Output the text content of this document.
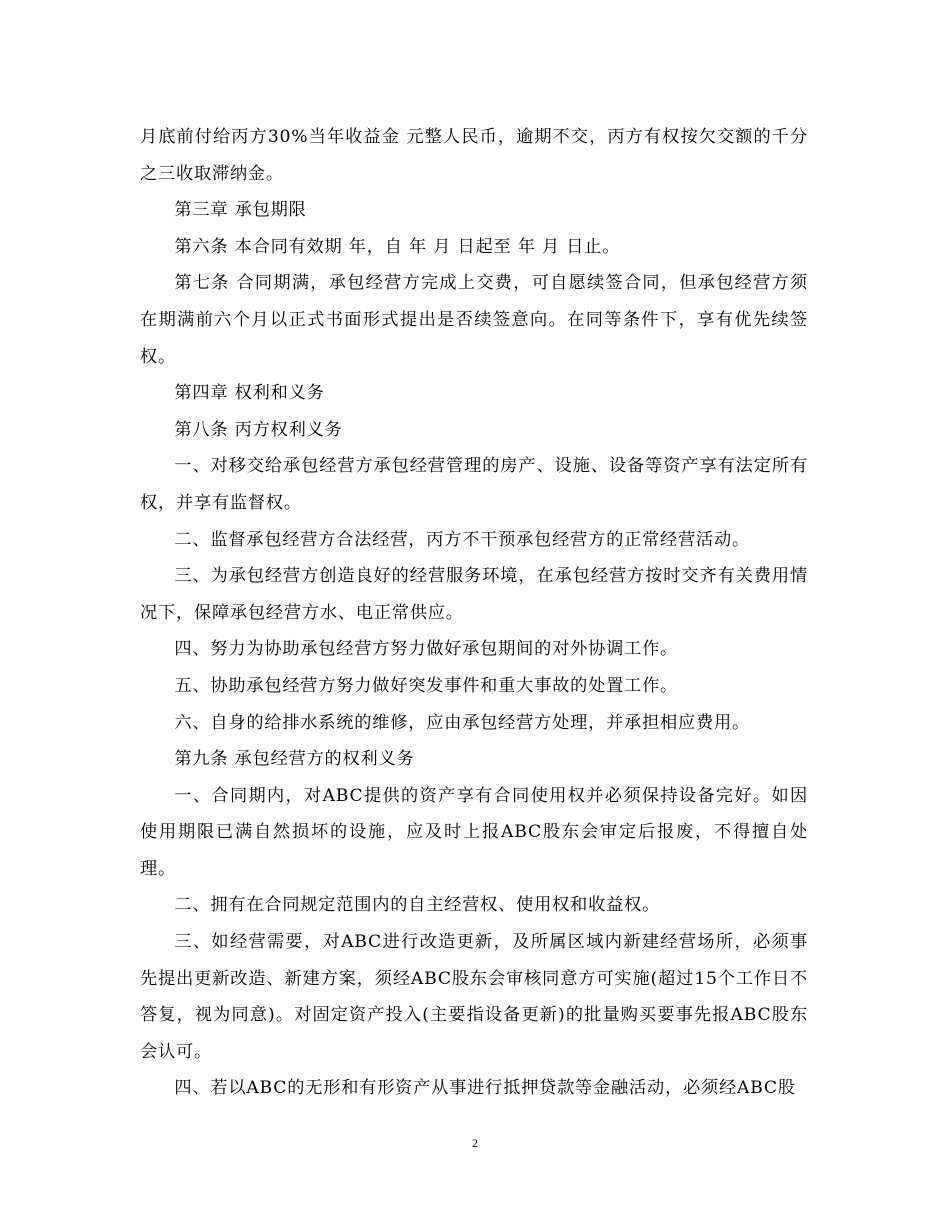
月底前付给丙方30%当年收益金 元整人民币，逾期不交，丙方有权按欠交额的千分之三收取滞纳金。

第三章 承包期限

第六条 本合同有效期 年，自 年 月 日起至 年 月 日止。

第七条 合同期满，承包经营方完成上交费，可自愿续签合同，但承包经营方须在期满前六个月以正式书面形式提出是否续签意向。在同等条件下，享有优先续签权。

第四章 权利和义务

第八条 丙方权利义务

一、对移交给承包经营方承包经营管理的房产、设施、设备等资产享有法定所有权，并享有监督权。

二、监督承包经营方合法经营，丙方不干预承包经营方的正常经营活动。

三、为承包经营方创造良好的经营服务环境，在承包经营方按时交齐有关费用情况下，保障承包经营方水、电正常供应。

四、努力为协助承包经营方努力做好承包期间的对外协调工作。

五、协助承包经营方努力做好突发事件和重大事故的处置工作。

六、自身的给排水系统的维修，应由承包经营方处理，并承担相应费用。

第九条 承包经营方的权利义务

一、合同期内，对ABC提供的资产享有合同使用权并必须保持设备完好。如因使用期限已满自然损坏的设施，应及时上报ABC股东会审定后报废，不得擅自处理。

二、拥有在合同规定范围内的自主经营权、使用权和收益权。

三、如经营需要，对ABC进行改造更新，及所属区域内新建经营场所，必须事先提出更新改造、新建方案，须经ABC股东会审核同意方可实施(超过15个工作日不答复，视为同意)。对固定资产投入(主要指设备更新)的批量购买要事先报ABC股东会认可。

四、若以ABC的无形和有形资产从事进行抵押贷款等金融活动，必须经ABC股

2
